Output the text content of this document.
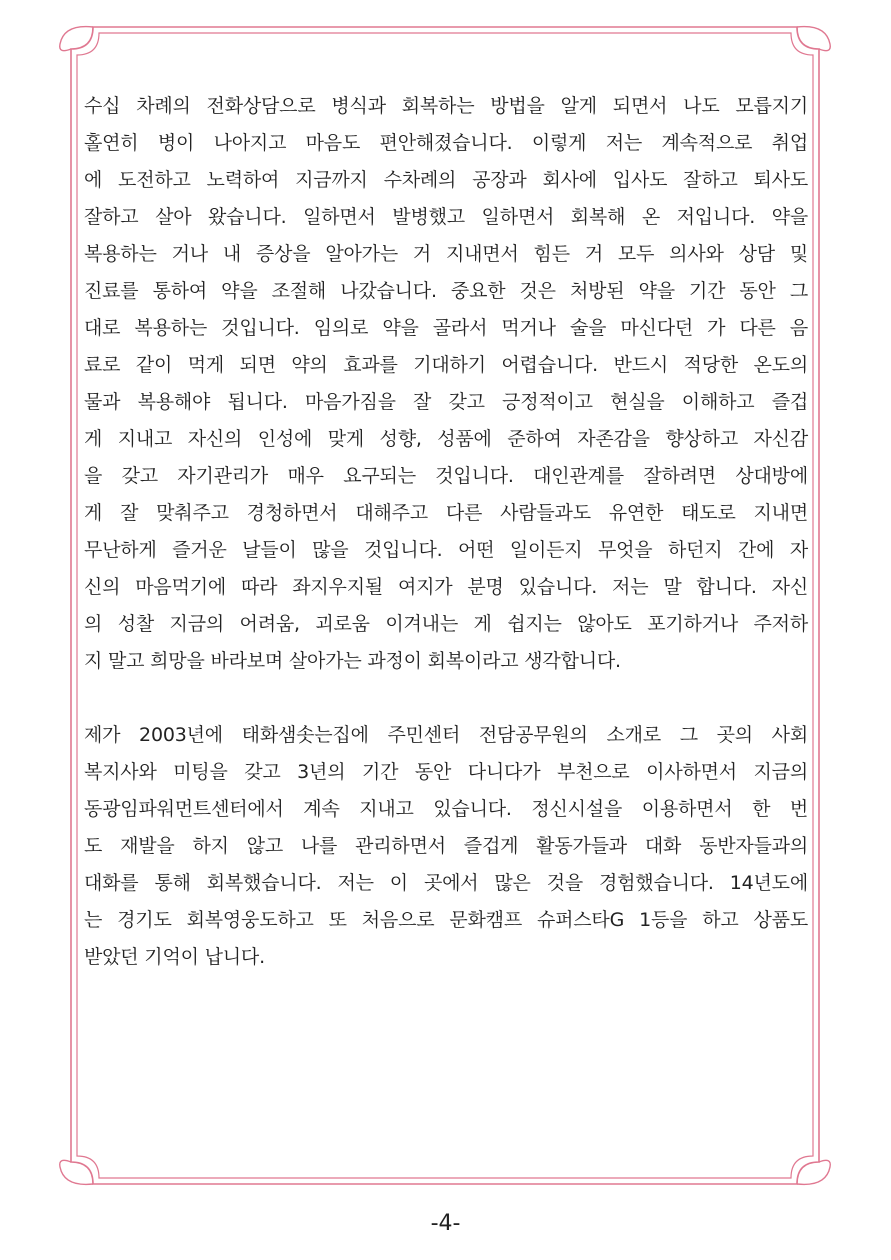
수십 차례의 전화상담으로 병식과 회복하는 방법을 알게 되면서 나도 모릅지기

홀연히 병이 나아지고 마음도 편안해졌습니다. 이렇게 저는 계속적으로 취업

에 도전하고 노력하여 지금까지 수차례의 공장과 회사에 입사도 잘하고 퇴사도

잘하고 살아 왔습니다. 일하면서 발병했고 일하면서 회복해 온 저입니다. 약을

복용하는 거나 내 증상을 알아가는 거 지내면서 힘든 거 모두 의사와 상담 및

진료를 통하여 약을 조절해 나갔습니다. 중요한 것은 처방된 약을 기간 동안 그

대로 복용하는 것입니다. 임의로 약을 골라서 먹거나 술을 마신다던 가 다른 음

료로 같이 먹게 되면 약의 효과를 기대하기 어렵습니다. 반드시 적당한 온도의

물과 복용해야 됩니다. 마음가짐을 잘 갖고 긍정적이고 현실을 이해하고 즐겁

게 지내고 자신의 인성에 맞게 성향, 성품에 준하여 자존감을 향상하고 자신감

을 갖고 자기관리가 매우 요구되는 것입니다. 대인관계를 잘하려면 상대방에

게 잘 맞춰주고 경청하면서 대해주고 다른 사람들과도 유연한 태도로 지내면

무난하게 즐거운 날들이 많을 것입니다. 어떤 일이든지 무엇을 하던지 간에 자

신의 마음먹기에 따라 좌지우지될 여지가 분명 있습니다. 저는 말 합니다. 자신

의 성찰 지금의 어려움, 괴로움 이겨내는 게 쉽지는 않아도 포기하거나 주저하

지 말고 희망을 바라보며 살아가는 과정이 회복이라고 생각합니다.

제가 2003년에 태화샘솟는집에 주민센터 전담공무원의 소개로 그 곳의 사회

복지사와 미팅을 갖고 3년의 기간 동안 다니다가 부천으로 이사하면서 지금의

동광임파워먼트센터에서 계속 지내고 있습니다. 정신시설을 이용하면서 한 번

도 재발을 하지 않고 나를 관리하면서 즐겁게 활동가들과 대화 동반자들과의

대화를 통해 회복했습니다. 저는 이 곳에서 많은 것을 경험했습니다. 14년도에

는 경기도 회복영웅도하고 또 처음으로 문화캠프 슈퍼스타G 1등을 하고 상품도

받았던 기억이 납니다.

-4-
